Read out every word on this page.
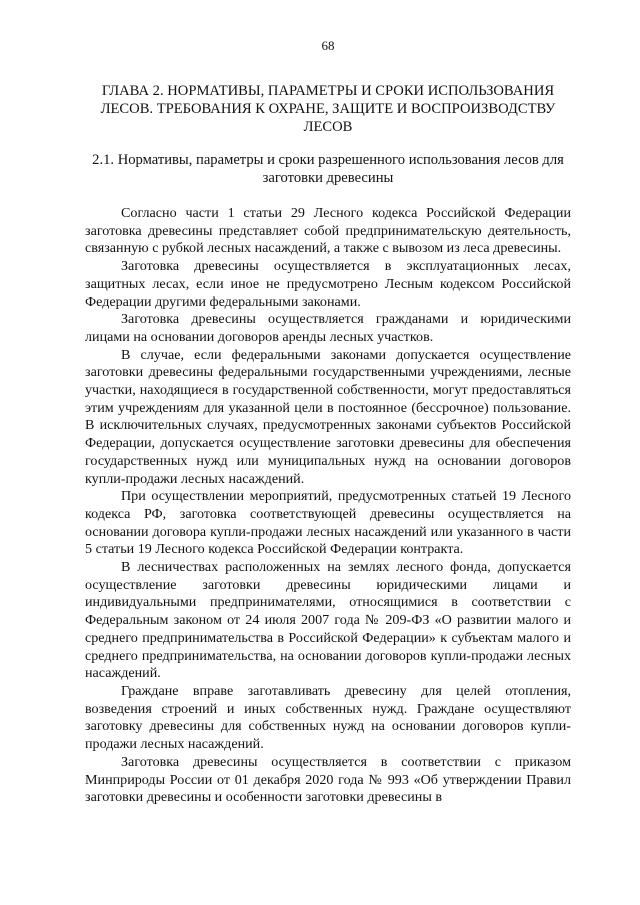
68
ГЛАВА 2. НОРМАТИВЫ, ПАРАМЕТРЫ И СРОКИ ИСПОЛЬЗОВАНИЯ ЛЕСОВ. ТРЕБОВАНИЯ К ОХРАНЕ, ЗАЩИТЕ И ВОСПРОИЗВОДСТВУ ЛЕСОВ
2.1. Нормативы, параметры и сроки разрешенного использования лесов для заготовки древесины

Согласно части 1 статьи 29 Лесного кодекса Российской Федерации заготовка древесины представляет собой предпринимательскую деятельность, связанную с рубкой лесных насаждений, а также с вывозом из леса древесины.

Заготовка древесины осуществляется в эксплуатационных лесах, защитных лесах, если иное не предусмотрено Лесным кодексом Российской Федерации другими федеральными законами.

Заготовка древесины осуществляется гражданами и юридическими лицами на основании договоров аренды лесных участков.

В случае, если федеральными законами допускается осуществление заготовки древесины федеральными государственными учреждениями, лесные участки, находящиеся в государственной собственности, могут предоставляться этим учреждениям для указанной цели в постоянное (бессрочное) пользование. В исключительных случаях, предусмотренных законами субъектов Российской Федерации, допускается осуществление заготовки древесины для обеспечения государственных нужд или муниципальных нужд на основании договоров купли-продажи лесных насаждений.

При осуществлении мероприятий, предусмотренных статьей 19 Лесного кодекса РФ, заготовка соответствующей древесины осуществляется на основании договора купли-продажи лесных насаждений или указанного в части 5 статьи 19 Лесного кодекса Российской Федерации контракта.

В лесничествах расположенных на землях лесного фонда, допускается осуществление заготовки древесины юридическими лицами и индивидуальными предпринимателями, относящимися в соответствии с Федеральным законом от 24 июля 2007 года № 209-ФЗ «О развитии малого и среднего предпринимательства в Российской Федерации» к субъектам малого и среднего предпринимательства, на основании договоров купли-продажи лесных насаждений.

Граждане вправе заготавливать древесину для целей отопления, возведения строений и иных собственных нужд. Граждане осуществляют заготовку древесины для собственных нужд на основании договоров купли-продажи лесных насаждений.

Заготовка древесины осуществляется в соответствии с приказом Минприроды России от 01 декабря 2020 года № 993 «Об утверждении Правил заготовки древесины и особенности заготовки древесины в
